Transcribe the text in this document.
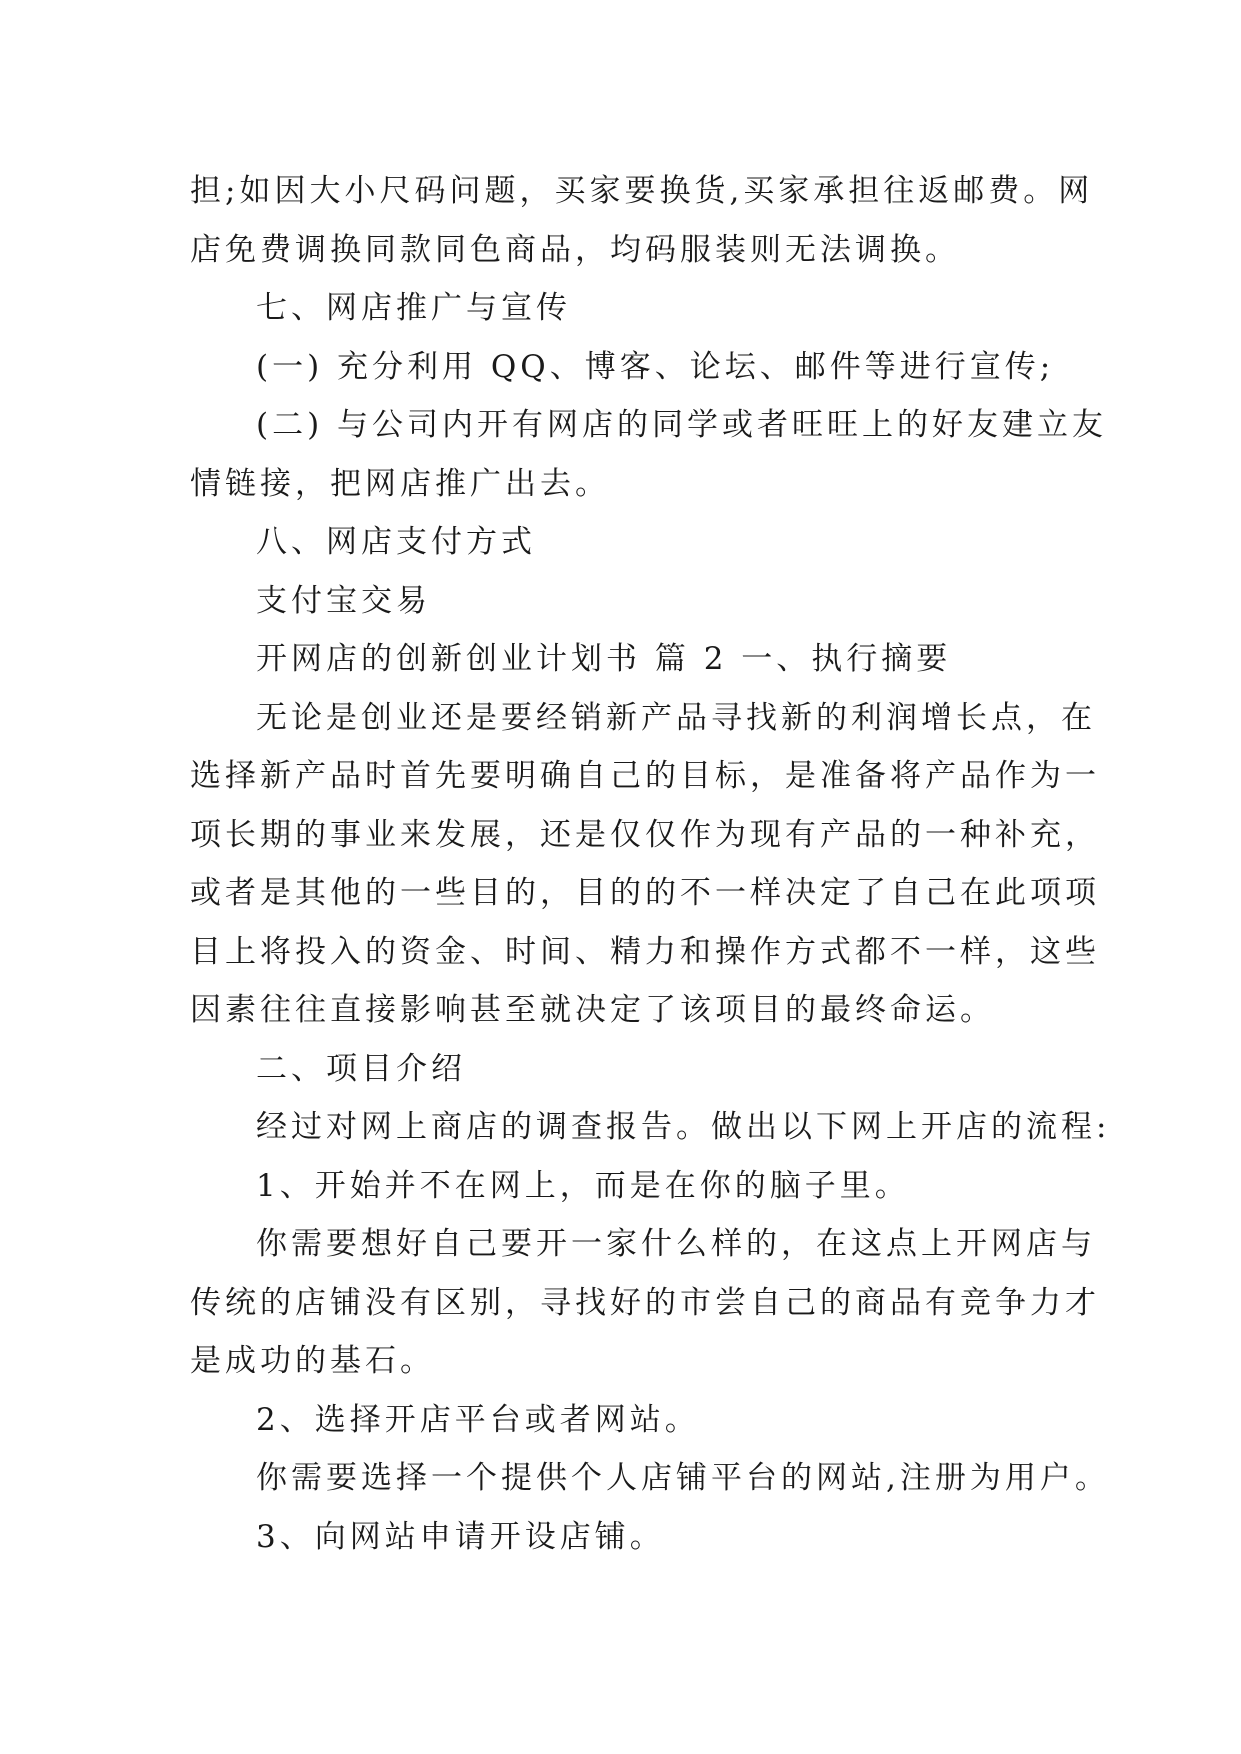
担;如因大小尺码问题，买家要换货,买家承担往返邮费。网
店免费调换同款同色商品，均码服装则无法调换。
七、网店推广与宣传
(一) 充分利用 QQ、博客、论坛、邮件等进行宣传;
(二) 与公司内开有网店的同学或者旺旺上的好友建立友
情链接，把网店推广出去。
八、网店支付方式
支付宝交易
开网店的创新创业计划书 篇 2 一、执行摘要
无论是创业还是要经销新产品寻找新的利润增长点，在
选择新产品时首先要明确自己的目标，是准备将产品作为一
项长期的事业来发展，还是仅仅作为现有产品的一种补充，
或者是其他的一些目的，目的的不一样决定了自己在此项项
目上将投入的资金、时间、精力和操作方式都不一样，这些
因素往往直接影响甚至就决定了该项目的最终命运。
二、项目介绍
经过对网上商店的调查报告。做出以下网上开店的流程:
1、开始并不在网上，而是在你的脑子里。
你需要想好自己要开一家什么样的，在这点上开网店与
传统的店铺没有区别，寻找好的市尝自己的商品有竞争力才
是成功的基石。
2、选择开店平台或者网站。
你需要选择一个提供个人店铺平台的网站,注册为用户。
3、向网站申请开设店铺。
